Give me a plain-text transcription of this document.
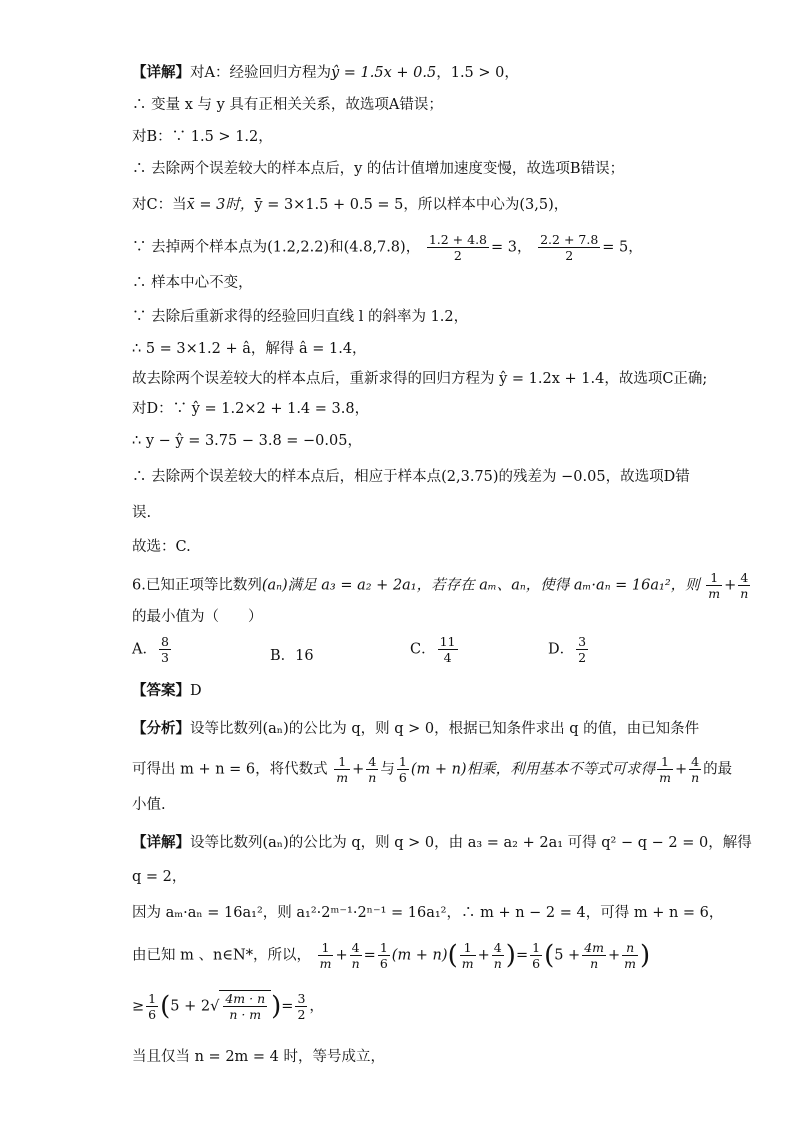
【详解】对A：经验回归方程为ŷ = 1.5x + 0.5，1.5 > 0，
∴ 变量 x 与 y 具有正相关关系，故选项A错误；
对B：∵ 1.5 > 1.2，
∴ 去除两个误差较大的样本点后，y 的估计值增加速度变慢，故选项B错误；
对C：当x̄ = 3时，ȳ = 3×1.5 + 0.5 = 5，所以样本中心为(3,5)，
∵ 去掉两个样本点为(1.2,2.2)和(4.8,7.8)， $\frac{1.2 + 4.8}{2} = 3$， $\frac{2.2 + 7.8}{2} = 5$，
∴ 样本中心不变，
∵ 去除后重新求得的经验回归直线 l 的斜率为 1.2，
∴ 5 = 3×1.2 + â，解得 â = 1.4，
故去除两个误差较大的样本点后，重新求得的回归方程为 ŷ = 1.2x + 1.4，故选项C正确;
对D：∵ ŷ = 1.2×2 + 1.4 = 3.8，
∴ y − ŷ = 3.75 − 3.8 = −0.05，
∴ 去除两个误差较大的样本点后，相应于样本点(2,3.75)的残差为 −0.05，故选项D错
误.
故选：C.
6.已知正项等比数列(aₙ)满足 a₃ = a₂ + 2a₁，若存在 aₘ、aₙ，使得 aₘ·aₙ = 16a₁²，则 $\frac{1}{m} + \frac{4}{n}$
的最小值为（　　）
A． $\frac{8}{3}$	B．16	C． $\frac{11}{4}$	D． $\frac{3}{2}$
【答案】D
【分析】设等比数列(aₙ)的公比为 q，则 q > 0，根据已知条件求出 q 的值，由已知条件
可得出 m + n = 6，将代数式 $\frac{1}{m} + \frac{4}{n}$ 与 $\frac{1}{6} (m + n)$相乘，利用基本不等式可求得 $\frac{1}{m} + \frac{4}{n}$ 的最
小值.
【详解】设等比数列(aₙ)的公比为 q，则 q > 0，由 a₃ = a₂ + 2a₁ 可得 q² − q − 2 = 0，解得
q = 2，
因为 aₘ·aₙ = 16a₁²，则 a₁²·2ᵐ⁻¹·2ⁿ⁻¹ = 16a₁²，∴ m + n − 2 = 4，可得 m + n = 6，
由已知 m 、n∈N*，所以， $\frac{1}{m} + \frac{4}{n} = \frac{1}{6} (m + n)( \frac{1}{m} + \frac{4}{n}$ )= $\frac{1}{6} (5 + \frac{4m}{n} + \frac{n}{m}$ )
≥ $\frac{1}{6} (5 + 2√ \frac{4m \cdot n}{n \cdot m}$ )= $\frac{3}{2}$ ，
当且仅当 n = 2m = 4 时，等号成立，
